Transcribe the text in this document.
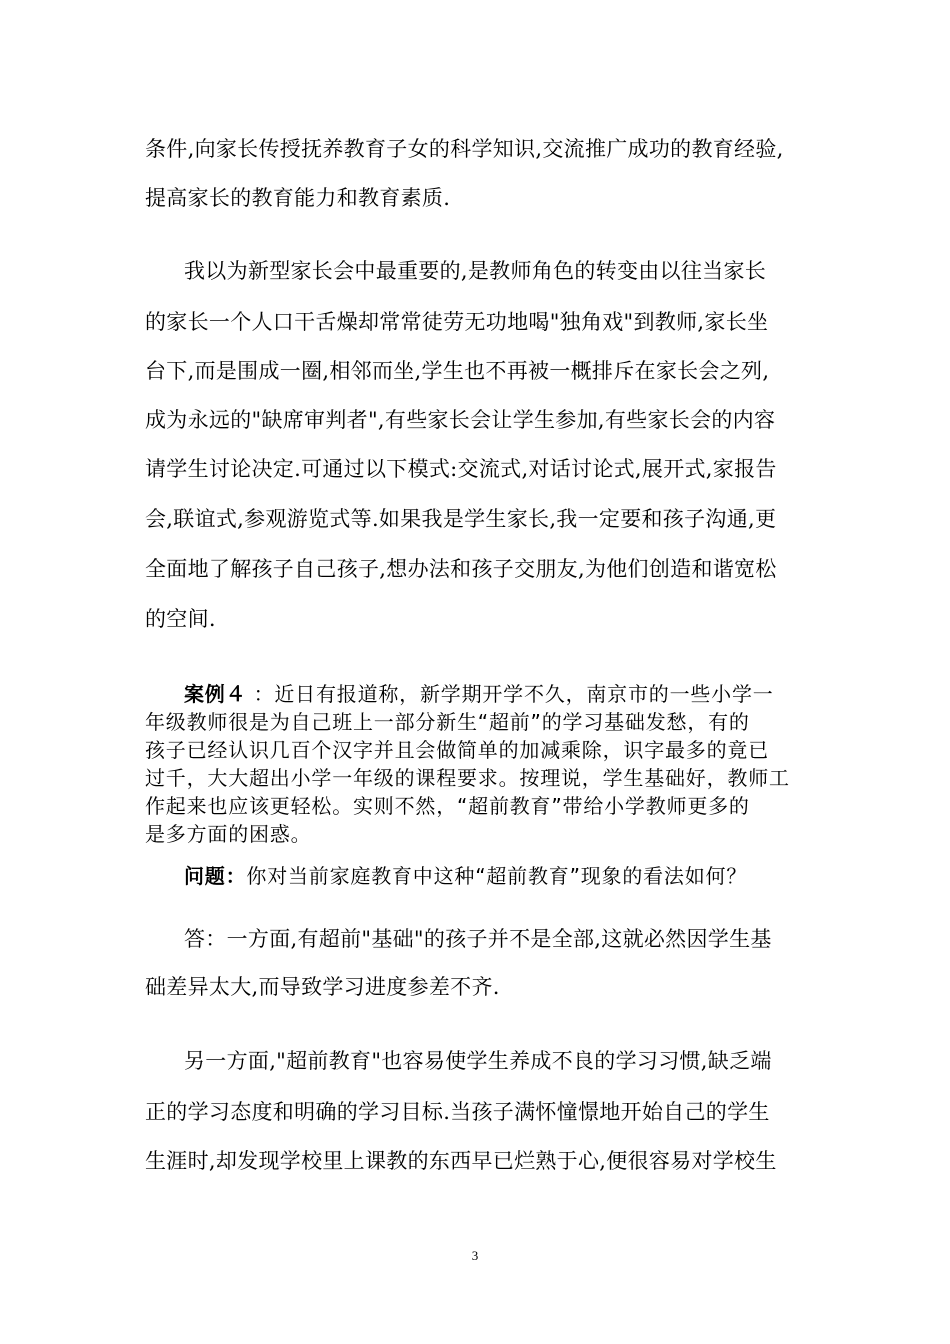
条件,向家长传授抚养教育子女的科学知识,交流推广成功的教育经验,
提高家长的教育能力和教育素质.
我以为新型家长会中最重要的,是教师角色的转变由以往当家长
的家长一个人口干舌燥却常常徒劳无功地喝"独角戏"到教师,家长坐
台下,而是围成一圈,相邻而坐,学生也不再被一概排斥在家长会之列,
成为永远的"缺席审判者",有些家长会让学生参加,有些家长会的内容
请学生讨论决定.可通过以下模式:交流式,对话讨论式,展开式,家报告
会,联谊式,参观游览式等.如果我是学生家长,我一定要和孩子沟通,更
全面地了解孩子自己孩子,想办法和孩子交朋友,为他们创造和谐宽松
的空间.
案例４ ：近日有报道称，新学期开学不久，南京市的一些小学一
年级教师很是为自己班上一部分新生“超前”的学习基础发愁，有的
孩子已经认识几百个汉字并且会做简单的加减乘除，识字最多的竟已
过千，大大超出小学一年级的课程要求。按理说，学生基础好，教师工
作起来也应该更轻松。实则不然，“超前教育”带给小学教师更多的
是多方面的困惑。
问题：你对当前家庭教育中这种“超前教育”现象的看法如何？
答：一方面,有超前"基础"的孩子并不是全部,这就必然因学生基
础差异太大,而导致学习进度参差不齐.
另一方面,"超前教育"也容易使学生养成不良的学习习惯,缺乏端
正的学习态度和明确的学习目标.当孩子满怀憧憬地开始自己的学生
生涯时,却发现学校里上课教的东西早已烂熟于心,便很容易对学校生
3
